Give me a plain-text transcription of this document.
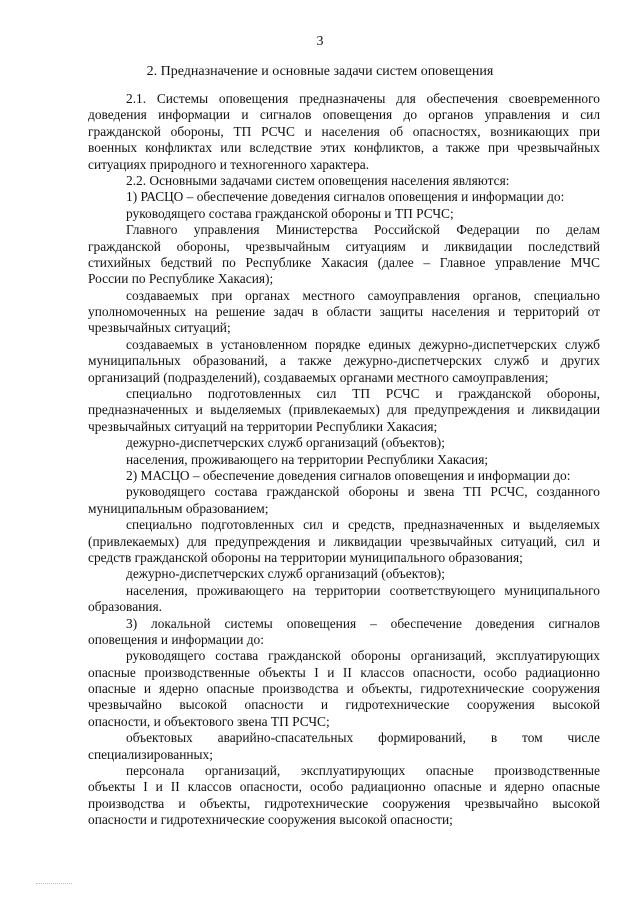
3
2. Предназначение и основные задачи систем оповещения
2.1. Системы оповещения предназначены для обеспечения своевременного
доведения информации и сигналов оповещения до органов управления и сил
гражданской обороны, ТП РСЧС и населения об опасностях, возникающих при
военных конфликтах или вследствие этих конфликтов, а также при чрезвычайных
ситуациях природного и техногенного характера.
2.2. Основными задачами систем оповещения населения являются:
1) РАСЦО – обеспечение доведения сигналов оповещения и информации до:
руководящего состава гражданской обороны и ТП РСЧС;
Главного управления Министерства Российской Федерации по делам
гражданской обороны, чрезвычайным ситуациям и ликвидации последствий
стихийных бедствий по Республике Хакасия (далее – Главное управление МЧС
России по Республике Хакасия);
создаваемых при органах местного самоуправления органов, специально
уполномоченных на решение задач в области защиты населения и территорий от
чрезвычайных ситуаций;
создаваемых в установленном порядке единых дежурно-диспетчерских служб
муниципальных образований, а также дежурно-диспетчерских служб и других
организаций (подразделений), создаваемых органами местного самоуправления;
специально подготовленных сил ТП РСЧС и гражданской обороны,
предназначенных и выделяемых (привлекаемых) для предупреждения и ликвидации
чрезвычайных ситуаций на территории Республики Хакасия;
дежурно-диспетчерских служб организаций (объектов);
населения, проживающего на территории Республики Хакасия;
2) МАСЦО – обеспечение доведения сигналов оповещения и информации до:
руководящего состава гражданской обороны и звена ТП РСЧС, созданного
муниципальным образованием;
специально подготовленных сил и средств, предназначенных и выделяемых
(привлекаемых) для предупреждения и ликвидации чрезвычайных ситуаций, сил и
средств гражданской обороны на территории муниципального образования;
дежурно-диспетчерских служб организаций (объектов);
населения, проживающего на территории соответствующего муниципального
образования.
3) локальной системы оповещения – обеспечение доведения сигналов
оповещения и информации до:
руководящего состава гражданской обороны организаций, эксплуатирующих
опасные производственные объекты I и II классов опасности, особо радиационно
опасные и ядерно опасные производства и объекты, гидротехнические сооружения
чрезвычайно высокой опасности и гидротехнические сооружения высокой
опасности, и объектового звена ТП РСЧС;
объектовых аварийно-спасательных формирований, в том числе
специализированных;
персонала организаций, эксплуатирующих опасные производственные
объекты I и II классов опасности, особо радиационно опасные и ядерно опасные
производства и объекты, гидротехнические сооружения чрезвычайно высокой
опасности и гидротехнические сооружения высокой опасности;
